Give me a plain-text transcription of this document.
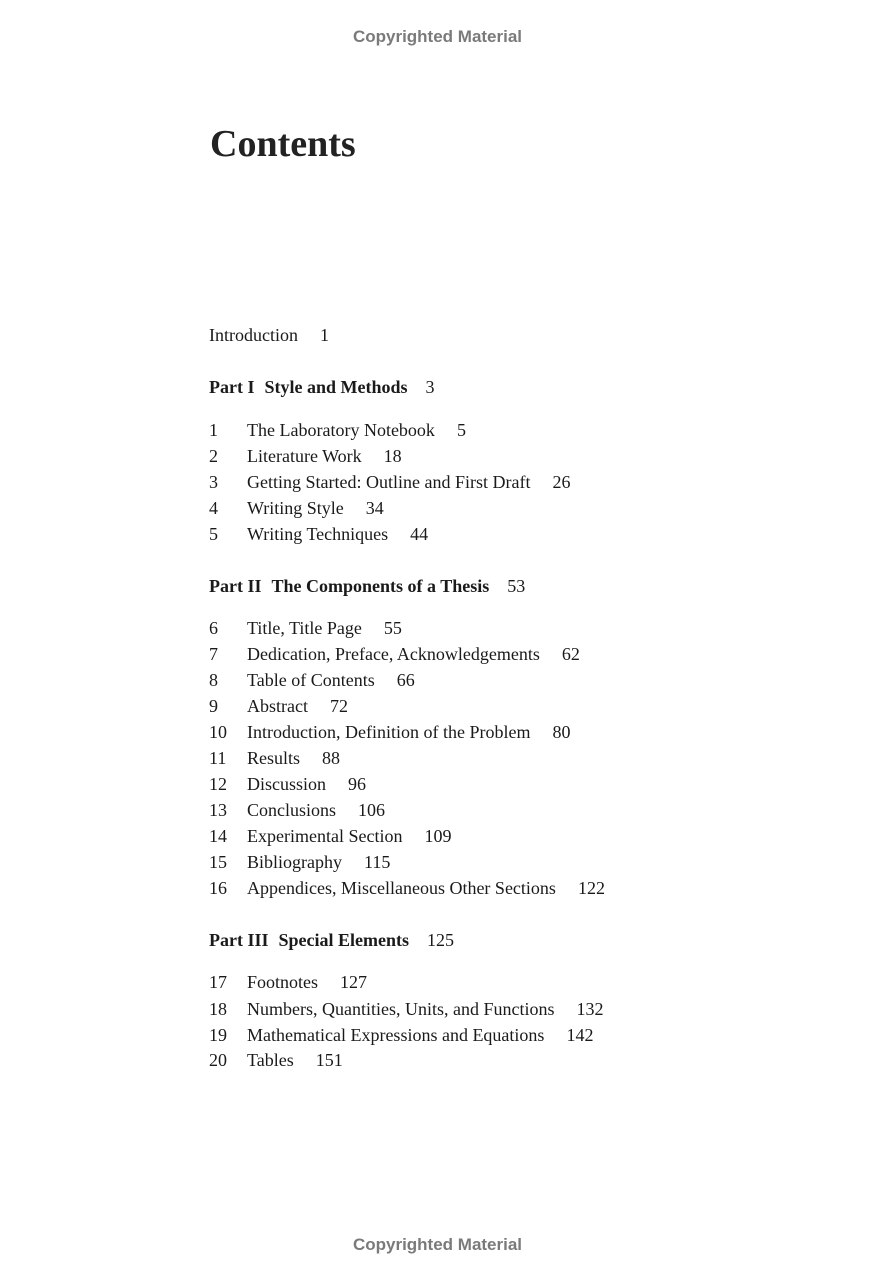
Copyrighted Material
Contents
Introduction 1
Part I Style and Methods 3
1 The Laboratory Notebook 5
2 Literature Work 18
3 Getting Started: Outline and First Draft 26
4 Writing Style 34
5 Writing Techniques 44
Part II The Components of a Thesis 53
6 Title, Title Page 55
7 Dedication, Preface, Acknowledgements 62
8 Table of Contents 66
9 Abstract 72
10 Introduction, Definition of the Problem 80
11 Results 88
12 Discussion 96
13 Conclusions 106
14 Experimental Section 109
15 Bibliography 115
16 Appendices, Miscellaneous Other Sections 122
Part III Special Elements 125
17 Footnotes 127
18 Numbers, Quantities, Units, and Functions 132
19 Mathematical Expressions and Equations 142
20 Tables 151
Copyrighted Material
